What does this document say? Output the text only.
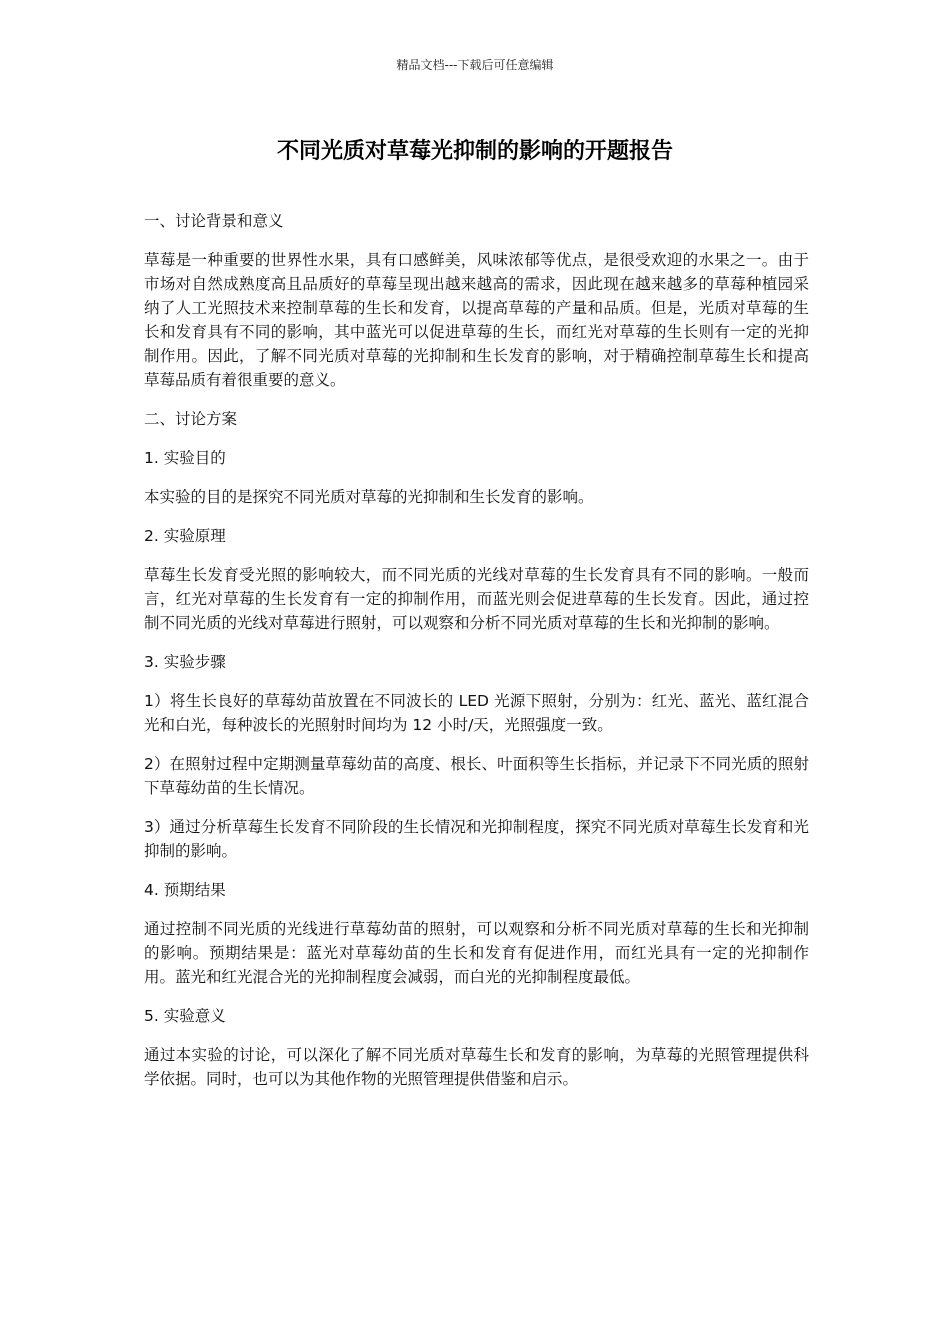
精品文档---下载后可任意编辑
不同光质对草莓光抑制的影响的开题报告

一、讨论背景和意义

草莓是一种重要的世界性水果，具有口感鲜美，风味浓郁等优点，是很受欢迎的水果之一。由于市场对自然成熟度高且品质好的草莓呈现出越来越高的需求，因此现在越来越多的草莓种植园采纳了人工光照技术来控制草莓的生长和发育，以提高草莓的产量和品质。但是，光质对草莓的生长和发育具有不同的影响，其中蓝光可以促进草莓的生长，而红光对草莓的生长则有一定的光抑制作用。因此，了解不同光质对草莓的光抑制和生长发育的影响，对于精确控制草莓生长和提高草莓品质有着很重要的意义。

二、讨论方案

1. 实验目的

本实验的目的是探究不同光质对草莓的光抑制和生长发育的影响。

2. 实验原理

草莓生长发育受光照的影响较大，而不同光质的光线对草莓的生长发育具有不同的影响。一般而言，红光对草莓的生长发育有一定的抑制作用，而蓝光则会促进草莓的生长发育。因此，通过控制不同光质的光线对草莓进行照射，可以观察和分析不同光质对草莓的生长和光抑制的影响。

3. 实验步骤

1）将生长良好的草莓幼苗放置在不同波长的 LED 光源下照射，分别为：红光、蓝光、蓝红混合光和白光，每种波长的光照射时间均为 12 小时/天，光照强度一致。

2）在照射过程中定期测量草莓幼苗的高度、根长、叶面积等生长指标，并记录下不同光质的照射下草莓幼苗的生长情况。

3）通过分析草莓生长发育不同阶段的生长情况和光抑制程度，探究不同光质对草莓生长发育和光抑制的影响。

4. 预期结果

通过控制不同光质的光线进行草莓幼苗的照射，可以观察和分析不同光质对草莓的生长和光抑制的影响。预期结果是：蓝光对草莓幼苗的生长和发育有促进作用，而红光具有一定的光抑制作用。蓝光和红光混合光的光抑制程度会减弱，而白光的光抑制程度最低。

5. 实验意义

通过本实验的讨论，可以深化了解不同光质对草莓生长和发育的影响，为草莓的光照管理提供科学依据。同时，也可以为其他作物的光照管理提供借鉴和启示。
